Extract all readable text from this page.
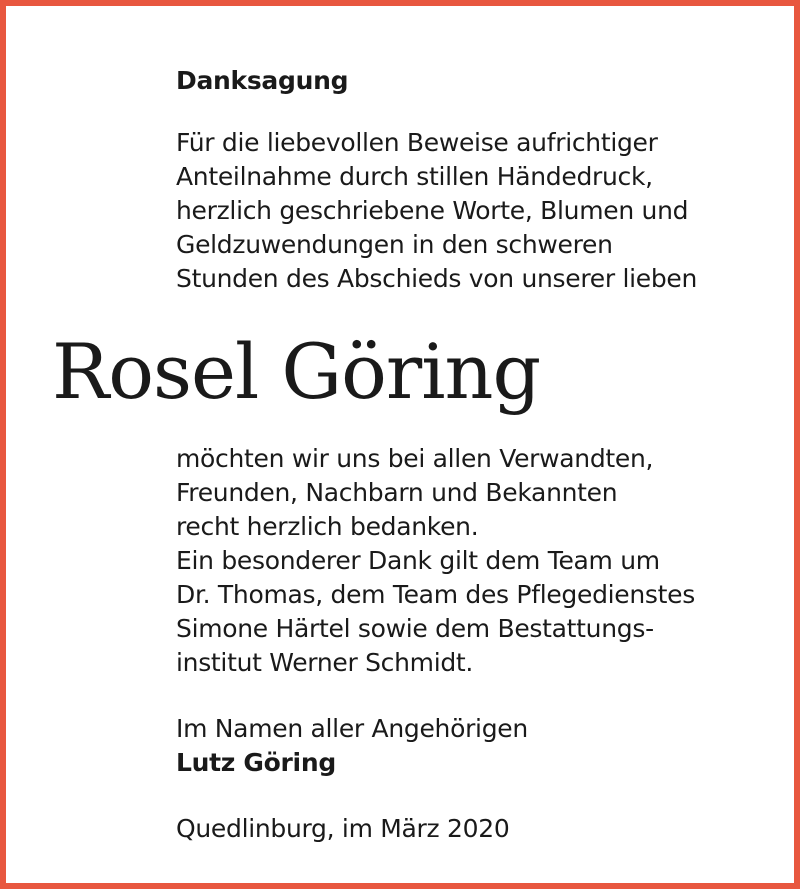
Danksagung
Für die liebevollen Beweise aufrichtiger
Anteilnahme durch stillen Händedruck,
herzlich geschriebene Worte, Blumen und
Geldzuwendungen in den schweren
Stunden des Abschieds von unserer lieben
Rosel Göring
möchten wir uns bei allen Verwandten,
Freunden, Nachbarn und Bekannten
recht herzlich bedanken.
Ein besonderer Dank gilt dem Team um
Dr. Thomas, dem Team des Pflegedienstes
Simone Härtel sowie dem Bestattungs-
institut Werner Schmidt.
Im Namen aller Angehörigen
Lutz Göring
Quedlinburg, im März 2020
